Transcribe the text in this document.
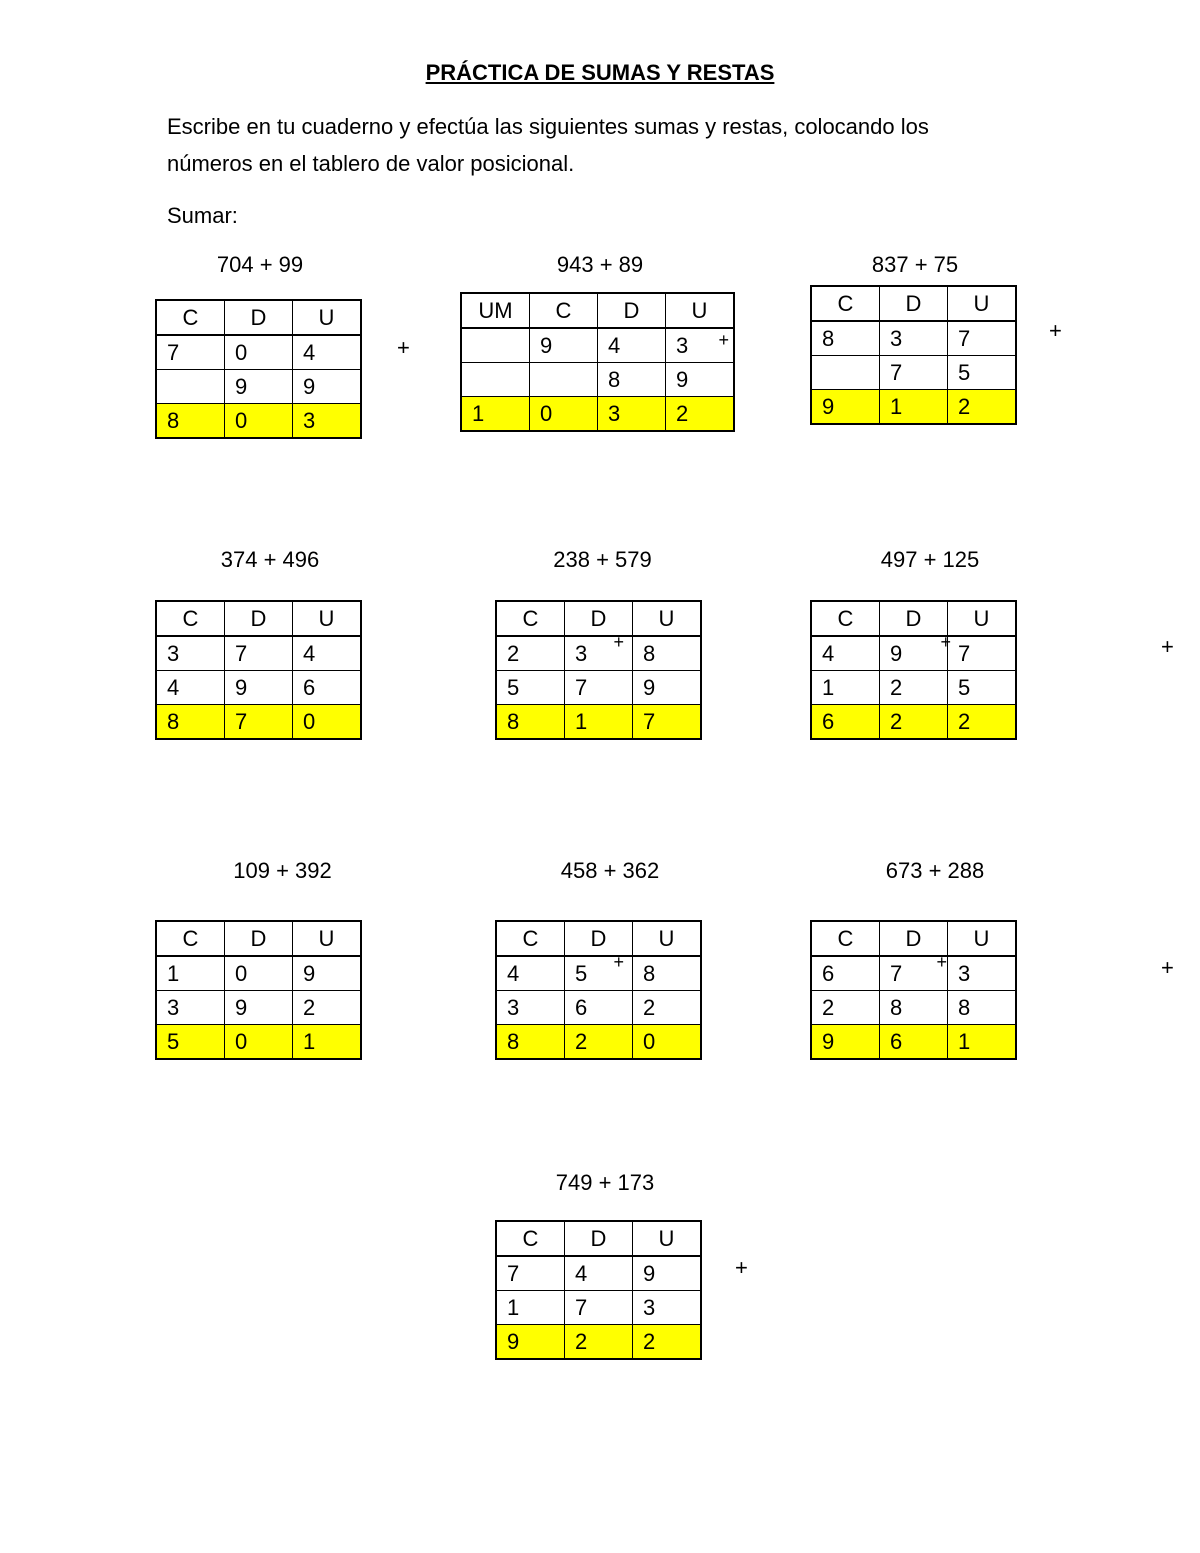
PRÁCTICA DE SUMAS Y RESTAS
Escribe en tu cuaderno y efectúa las siguientes sumas y restas, colocando los
números en el tablero de valor posicional.
Sumar:
704 + 99
C	D	U
7	0	4
	9	9
8	0	3
+
943 + 89
UM	C	D	U
	9	4	3 +

		8	9
1	0	3	2
837 + 75
C	D	U
8	3	7
	7	5
9	1	2
+
374 + 496
C	D	U
3	7	4
4	9	6
8	7	0
238 + 579
C	D	U
2	3 +	8
5	7	9
8	1	7
497 + 125
C	D	U
4	9 +	7
1	2	5
6	2	2
+
109 + 392
C	D	U
1	0	9
3	9	2
5	0	1
458 + 362
C	D	U
4	5 +	8
3	6	2
8	2	0
673 + 288
C	D	U
6	7 +	3
2	8	8
9	6	1
+
749 + 173
C	D	U
7	4	9
1	7	3
9	2	2
+
